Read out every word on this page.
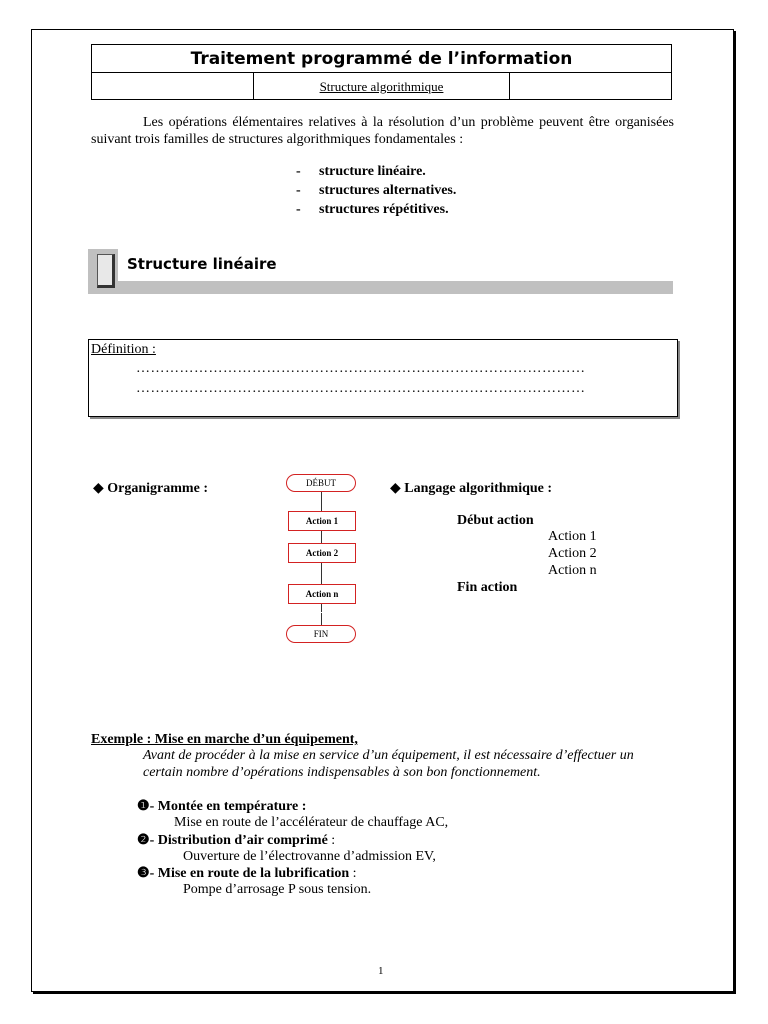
Traitement programmé de l’information
Structure algorithmique
Les opérations élémentaires relatives à la résolution d’un problème peuvent être organisées suivant trois familles de structures algorithmiques fondamentales :
- structure linéaire.
- structures alternatives.
- structures répétitives.
Structure linéaire
Définition :
…………………………………………………………………………………
…………………………………………………………………………………
◆ Organigramme :	DÉBUT
Action 1
Action 2
Action n
FIN
◆ Langage algorithmique :
Début action
Action 1
Action 2
Action n
Fin action
Exemple : Mise en marche d’un équipement,
Avant de procéder à la mise en service d’un équipement, il est nécessaire d’effectuer un certain nombre d’opérations indispensables à son bon fonctionnement.
❶- Montée en température :
Mise en route de l’accélérateur de chauffage AC,
❷- Distribution d’air comprimé :
Ouverture de l’électrovanne d’admission EV,
❸- Mise en route de la lubrification :
Pompe d’arrosage P sous tension.
1
